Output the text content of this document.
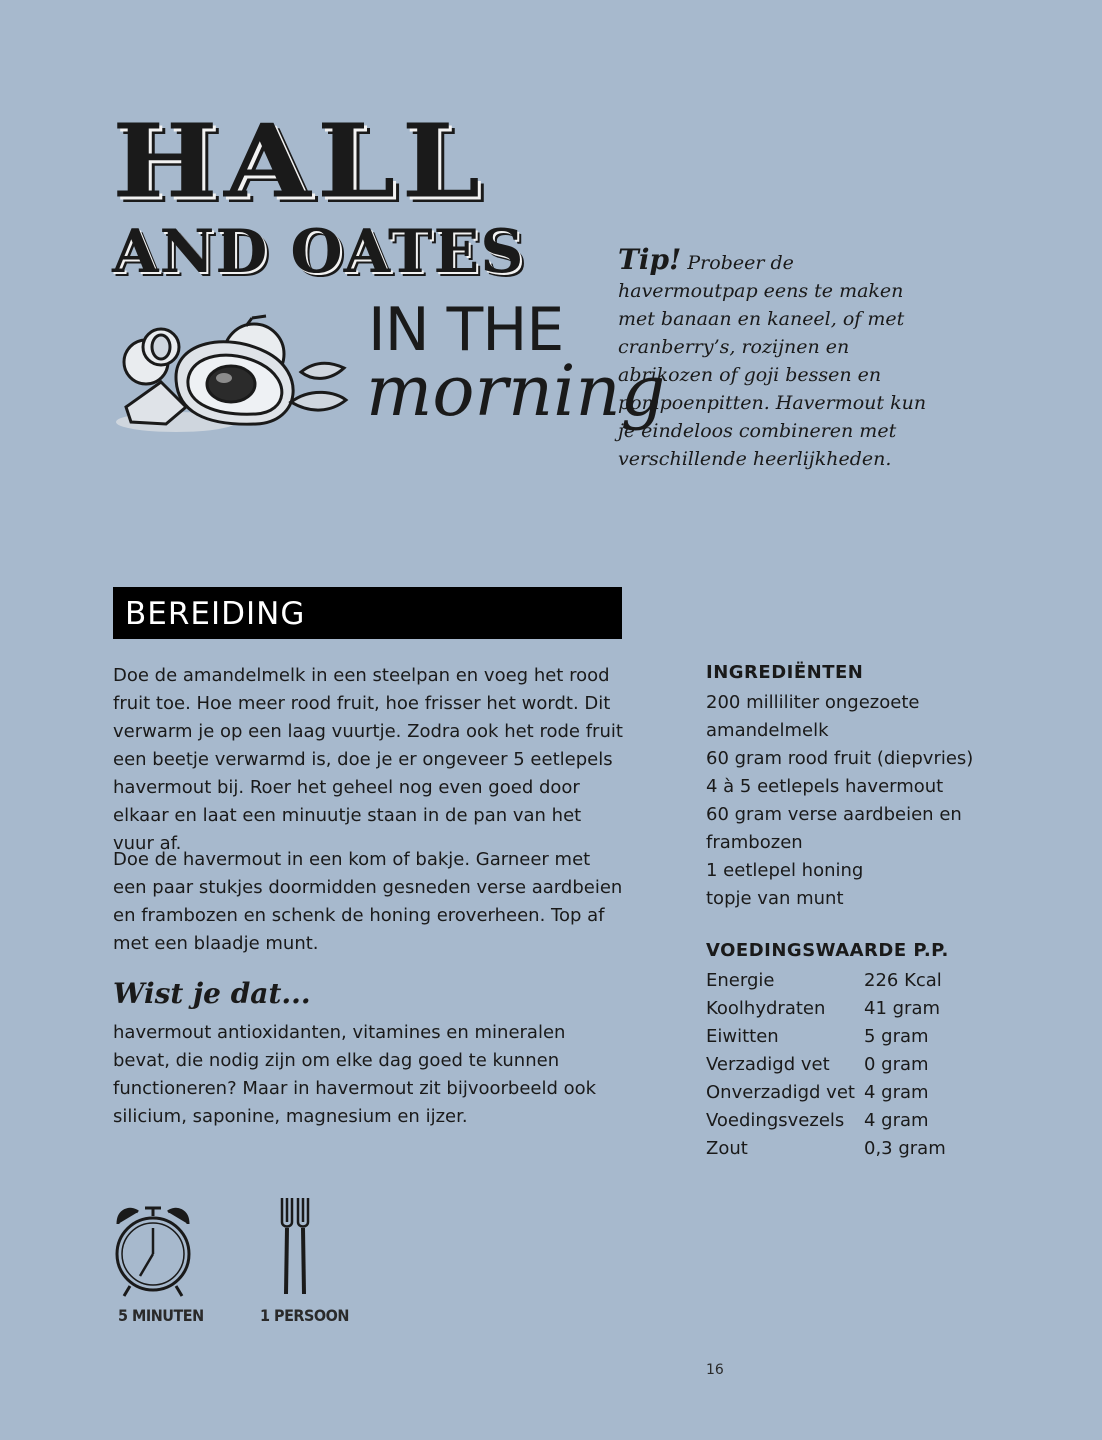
HALL
AND OATES
IN THE
morning
Tip! Probeer de havermoutpap eens te maken met banaan en kaneel, of met cranberry’s, rozijnen en abrikozen of goji bessen en pompoenpitten. Havermout kun je eindeloos combineren met verschillende heerlijkheden.
BEREIDING

Doe de amandelmelk in een steelpan en voeg het rood fruit toe. Hoe meer rood fruit, hoe frisser het wordt. Dit verwarm je op een laag vuurtje. Zodra ook het rode fruit een beetje verwarmd is, doe je er ongeveer 5 eetlepels havermout bij. Roer het geheel nog even goed door elkaar en laat een minuutje staan in de pan van het vuur af.

Doe de havermout in een kom of bakje. Garneer met een paar stukjes doormidden gesneden verse aardbeien en frambozen en schenk de honing eroverheen. Top af met een blaadje munt.

Wist je dat...

havermout antioxidanten, vitamines en mineralen bevat, die nodig zijn om elke dag goed te kunnen functioneren? Maar in havermout zit bijvoorbeeld ook silicium, saponine, magnesium en ijzer.

INGREDIËNTEN
200 milliliter ongezoete
amandelmelk
60 gram rood fruit (diepvries)
4 à 5 eetlepels havermout
60 gram verse aardbeien en
frambozen
1 eetlepel honing
topje van munt
VOEDINGSWAARDE P.P.
Energie	226 Kcal
Koolhydraten	41 gram
Eiwitten	5 gram
Verzadigd vet	0 gram
Onverzadigd vet 4 gram
Voedingsvezels	4 gram
Zout	0,3 gram
5 MINUTEN	1 PERSOON
16
